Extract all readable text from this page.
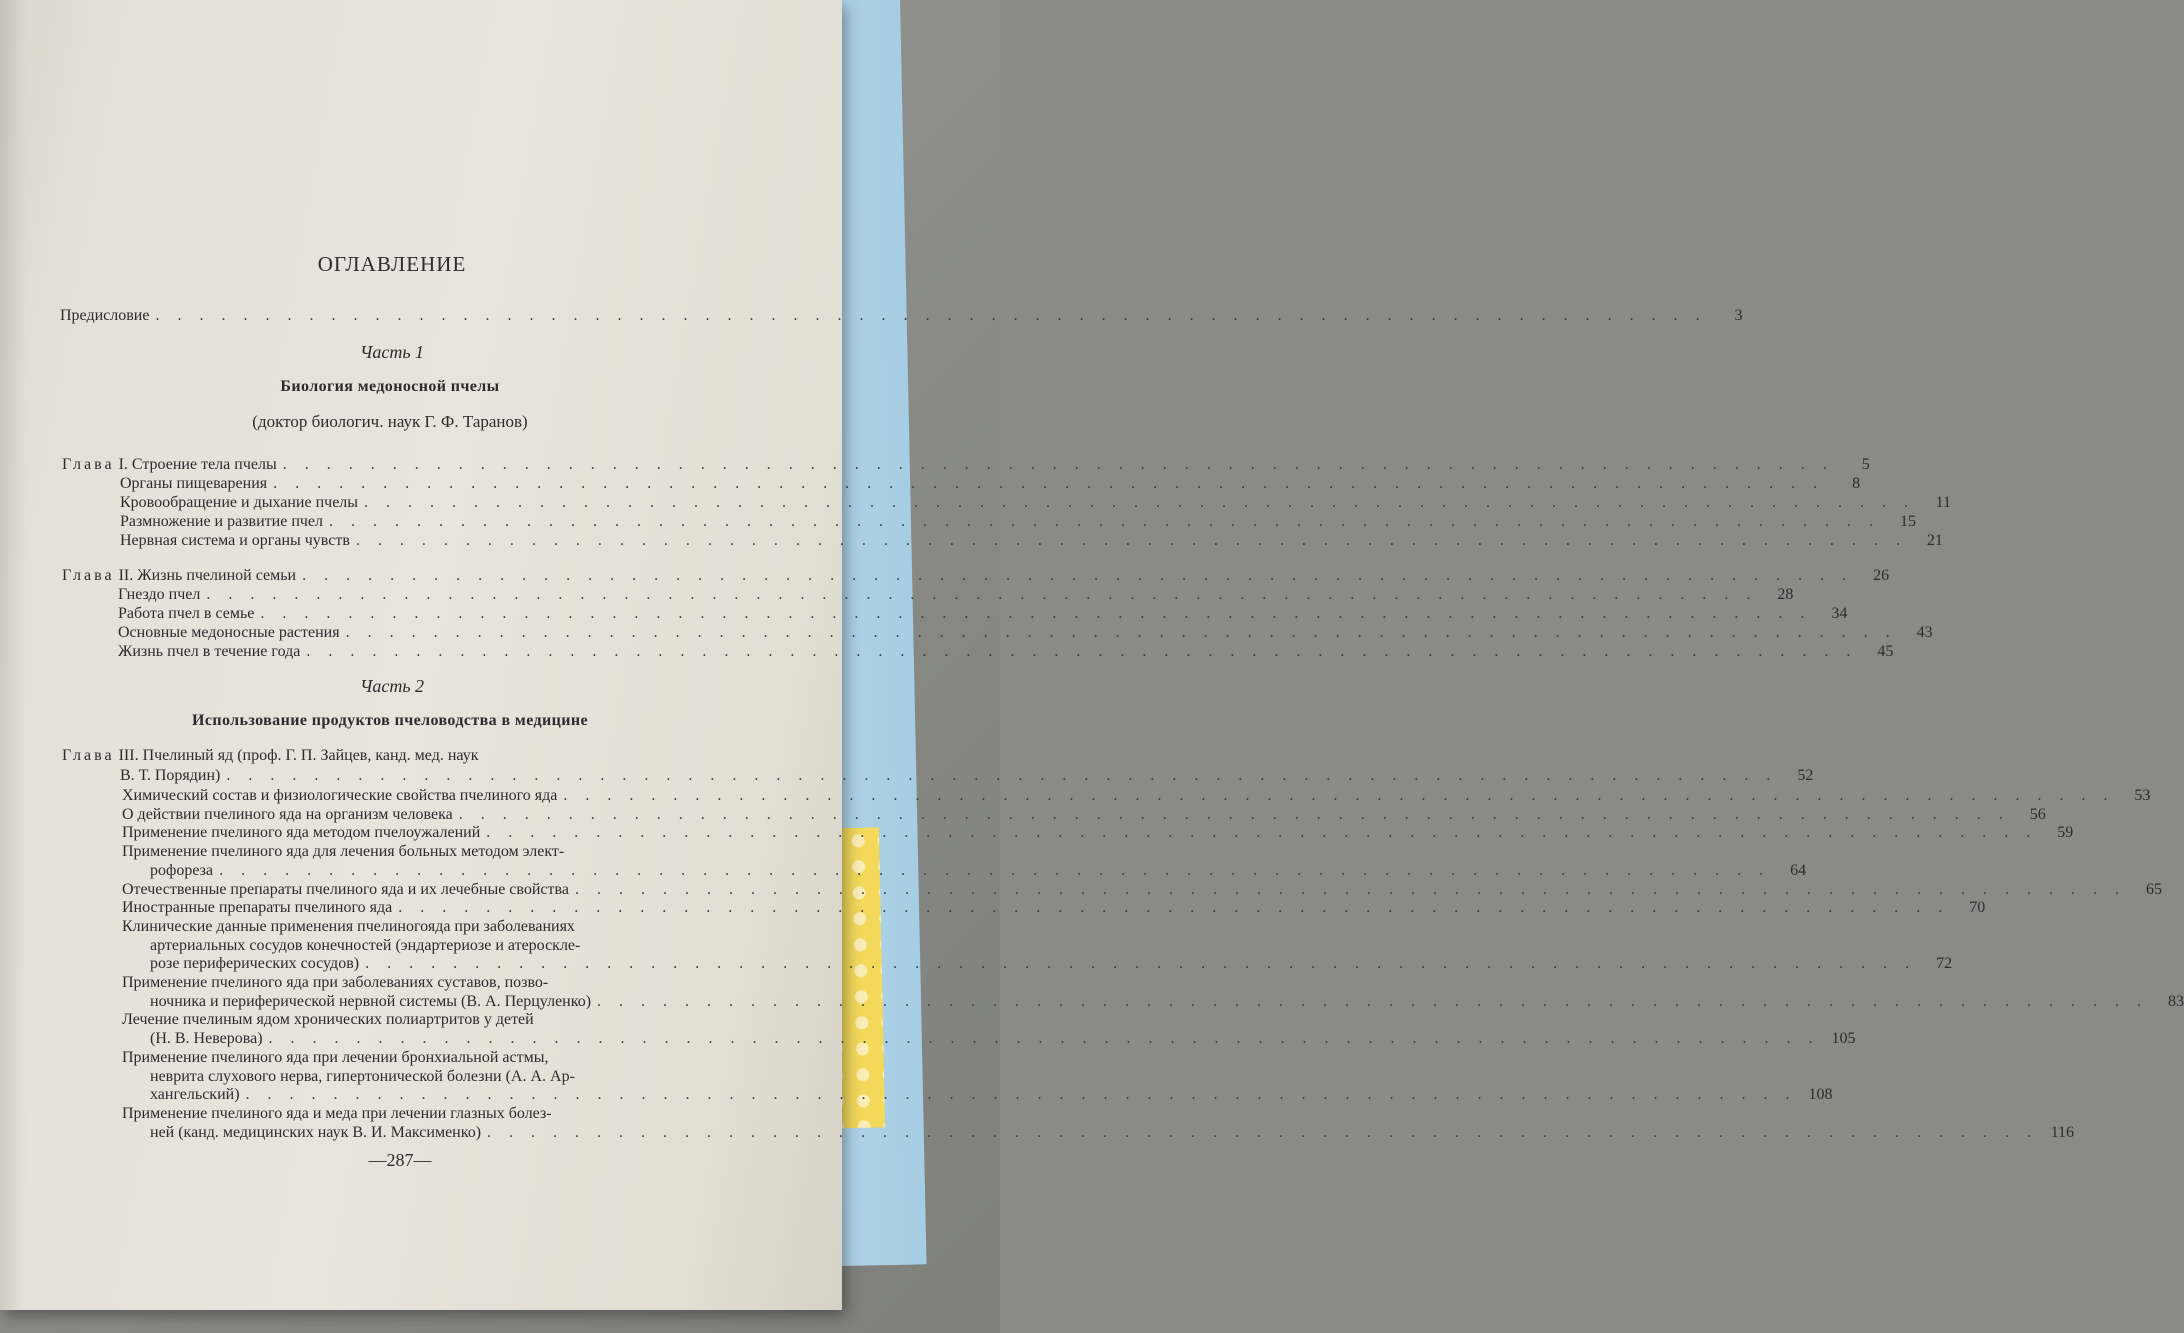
ОГЛАВЛЕНИЕ
Предисловие . . .	3
Часть 1
Биология медоносной пчелы
(доктор биологич. наук Г. Ф. Таранов)
Глава I. Строение тела пчелы . . .	5
Органы пищеварения . . .	8
Кровообращение и дыхание пчелы . . .	11
Размножение и развитие пчел . . .	15
Нервная система и органы чувств . . .	21
Глава II. Жизнь пчелиной семьи . . .	26
Гнездо пчел . . .	28
Работа пчел в семье . . .	34
Основные медоносные растения . . .	43
Жизнь пчел в течение года . . .	45
Часть 2
Использование продуктов пчеловодства в медицине
Глава III. Пчелиный яд (проф. Г. П. Зайцев, канд. мед. наук
В. Т. Порядин) . . .	52
Химический состав и физиологические свойства пчелиного яда . . .	53
О действии пчелиного яда на организм человека . . .	56
Применение пчелиного яда методом пчелоужалений . . .	59
Применение пчелиного яда для лечения больных методом элект-
рофореза . . .	64
Отечественные препараты пчелиного яда и их лечебные свойства . . .	65
Иностранные препараты пчелиного яда . . .	70
Клинические данные применения пчелиногояда при заболеваниях
артериальных сосудов конечностей (эндартериозе и атероскле-
розе периферических сосудов) . . .	72
Применение пчелиного яда при заболеваниях суставов, позво-
ночника и периферической нервной системы (В. А. Перцуленко) . . .	83
Лечение пчелиным ядом хронических полиартритов у детей
(Н. В. Неверова) . . .	105
Применение пчелиного яда при лечении бронхиальной астмы,
неврита слухового нерва, гипертонической болезни (А. А. Ар-
хангельский) . . .	108
Применение пчелиного яда и меда при лечении глазных болез-
ней (канд. медицинских наук В. И. Максименко) . . .	116
—287—
